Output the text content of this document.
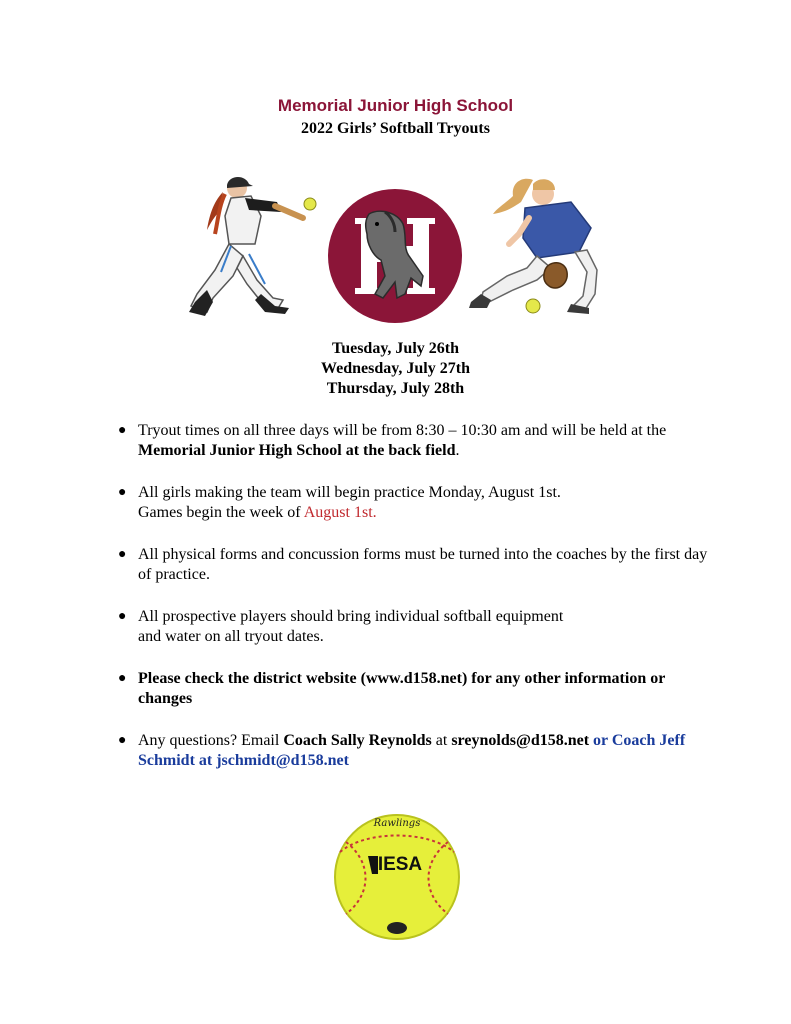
Memorial Junior High School
2022 Girls’ Softball Tryouts
Tuesday, July 26th
Wednesday, July 27th
Thursday, July 28th
● Tryout times on all three days will be from 8:30 – 10:30 am and will be held at the Memorial Junior High School at the back field.
● All girls making the team will begin practice Monday, August 1st.
Games begin the week of August 1st.
● All physical forms and concussion forms must be turned into the coaches by the first day of practice.
● All prospective players should bring individual softball equipment
and water on all tryout dates.
● Please check the district website (www.d158.net) for any other information or changes
● Any questions? Email Coach Sally Reynolds at sreynolds@d158.net or Coach Jeff Schmidt at jschmidt@d158.net
Rawlings
IESA
